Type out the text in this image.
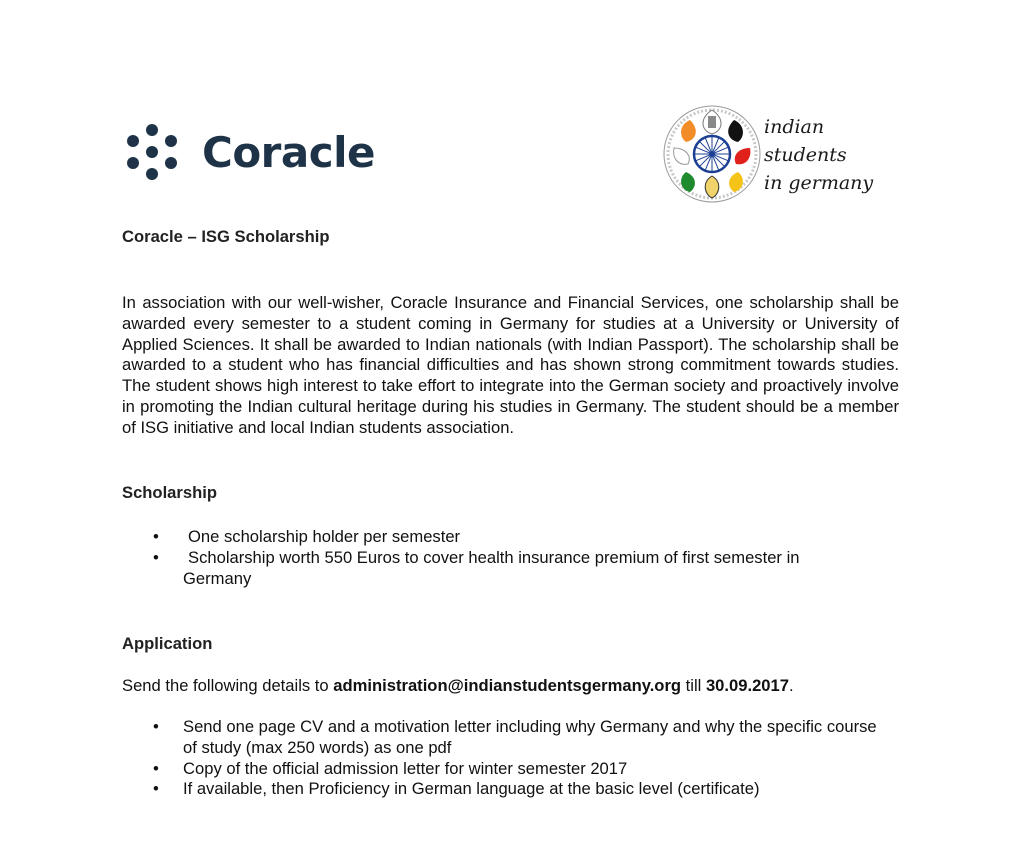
Coracle
indian
students
in germany
Coracle – ISG Scholarship
In association with our well-wisher, Coracle Insurance and Financial Services, one scholarship shall be awarded every semester to a student coming in Germany for studies at a University or University of Applied Sciences. It shall be awarded to Indian nationals (with Indian Passport). The scholarship shall be awarded to a student who has financial difficulties and has shown strong commitment towards studies. The student shows high interest to take effort to integrate into the German society and proactively involve in promoting the Indian cultural heritage during his studies in Germany. The student should be a member of ISG initiative and local Indian students association.
Scholarship
• One scholarship holder per semester
• Scholarship worth 550 Euros to cover health insurance premium of first semester in
Germany
Application
Send the following details to administration@indianstudentsgermany.org till 30.09.2017.
• Send one page CV and a motivation letter including why Germany and why the specific course of study (max 250 words) as one pdf
• Copy of the official admission letter for winter semester 2017
• If available, then Proficiency in German language at the basic level (certificate)
